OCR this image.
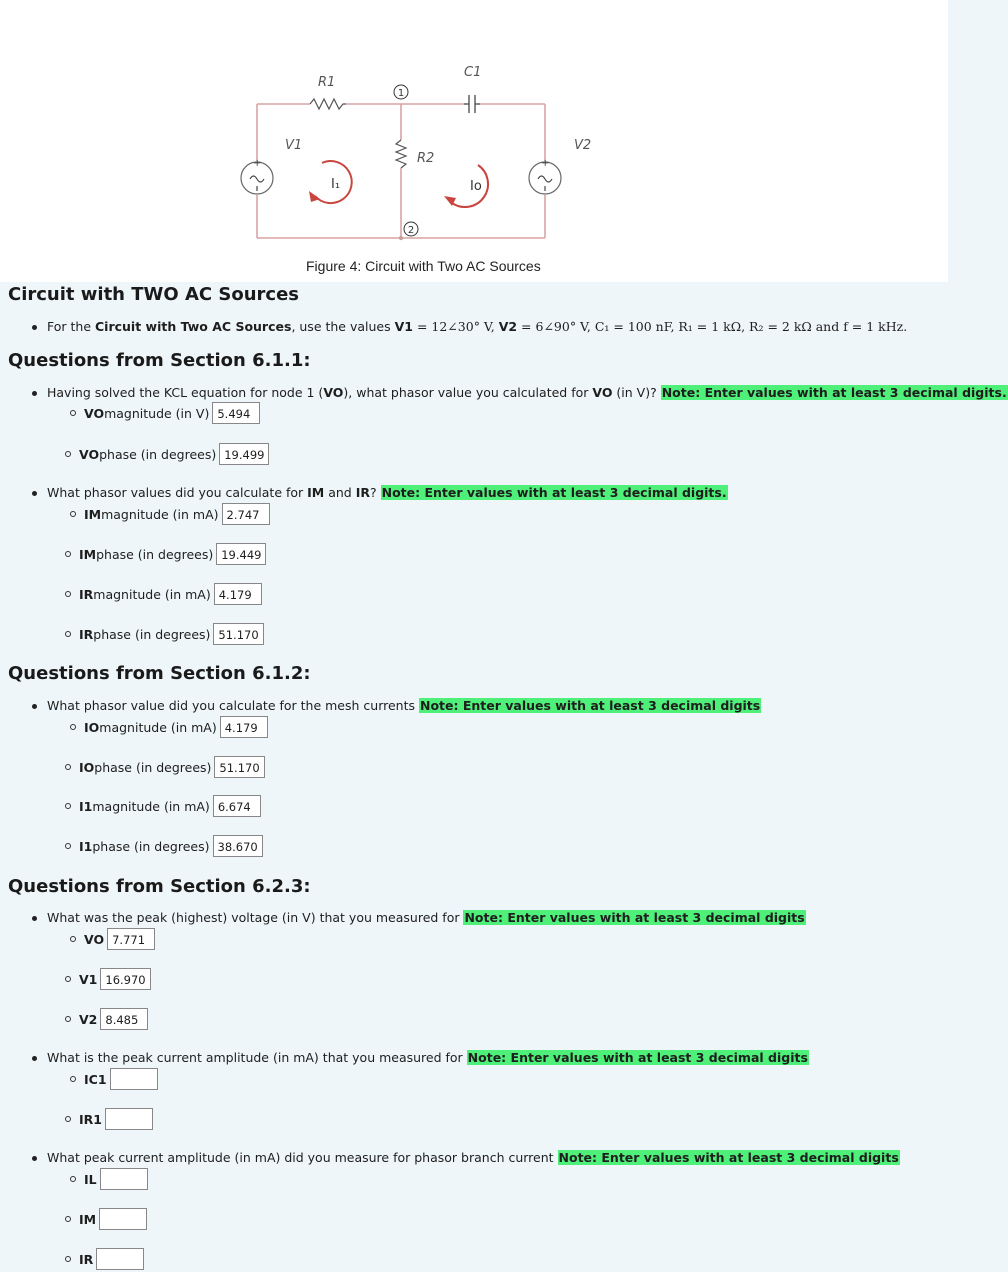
+	+
1
2
R1
C1
R2
V1	V2
I₁	Io
Figure 4: Circuit with Two AC Sources
Circuit with TWO AC Sources
For the Circuit with Two AC Sources, use the values V1 = 12∠30° V, V2 = 6∠90° V, C₁ = 100 nF, R₁ = 1 kΩ, R₂ = 2 kΩ and f = 1 kHz.
Questions from Section 6.1.1:
Having solved the KCL equation for node 1 (VO), what phasor value you calculated for VO (in V)? Note: Enter values with at least 3 decimal digits.
VO magnitude (in V) 5.494
VO phase (in degrees) 19.499
What phasor values did you calculate for IM and IR? Note: Enter values with at least 3 decimal digits.
IM magnitude (in mA) 2.747
IM phase (in degrees) 19.449
IR magnitude (in mA) 4.179
IR phase (in degrees) 51.170
Questions from Section 6.1.2:
What phasor value did you calculate for the mesh currents Note: Enter values with at least 3 decimal digits
IO magnitude (in mA) 4.179
IO phase (in degrees) 51.170
I1 magnitude (in mA) 6.674
I1 phase (in degrees) 38.670
Questions from Section 6.2.3:
What was the peak (highest) voltage (in V) that you measured for Note: Enter values with at least 3 decimal digits
VO 7.771
V1 16.970
V2 8.485
What is the peak current amplitude (in mA) that you measured for Note: Enter values with at least 3 decimal digits
IC1
IR1
What peak current amplitude (in mA) did you measure for phasor branch current Note: Enter values with at least 3 decimal digits
IL
IM
IR
